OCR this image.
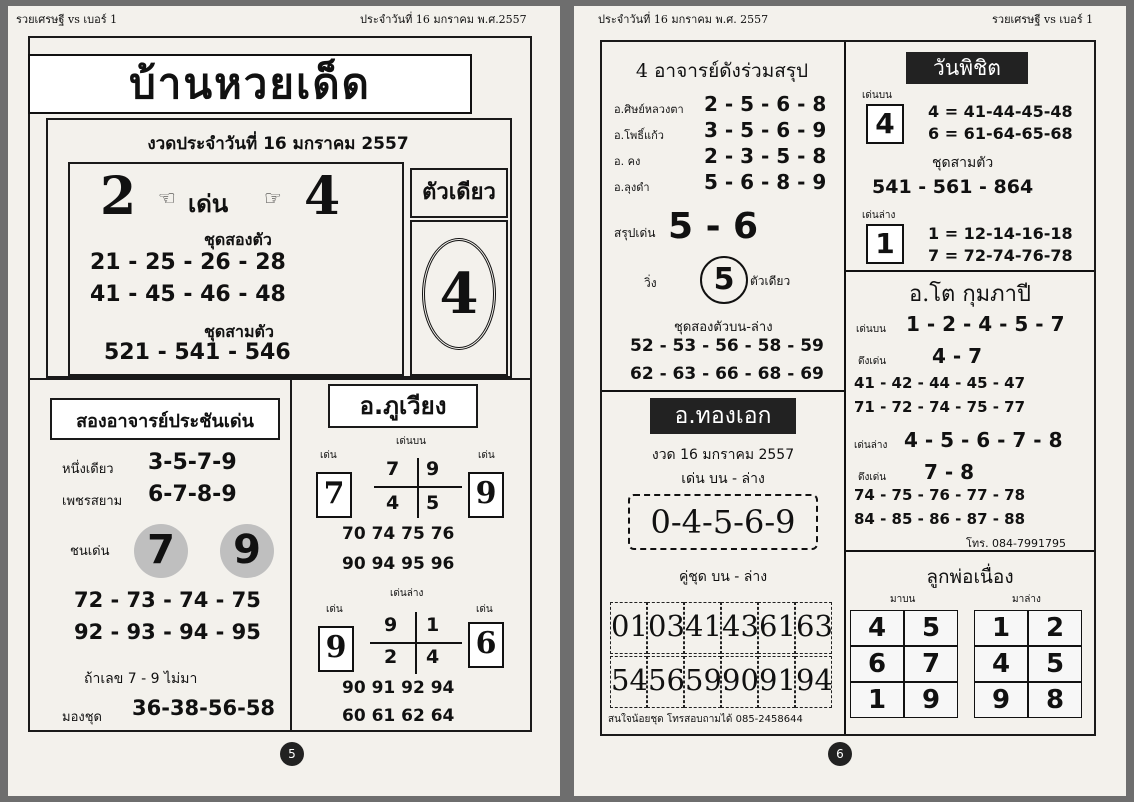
รวยเศรษฐี vs เบอร์ 1	ประจำวันที่ 16 มกราคม พ.ศ.2557
บ้านหวยเด็ด
งวดประจำวันที่ 16 มกราคม 2557
2 ☜ เด่น ☞ 4
ชุดสองตัว
21 - 25 - 26 - 28
41 - 45 - 46 - 48
ชุดสามตัว
521 - 541 - 546
ตัวเดียว
4
สองอาจารย์ประชันเด่น
หนึ่งเดียว 3-5-7-9
เพชรสยาม 6-7-8-9
ชนเด่น 7	9
72 - 73 - 74 - 75
92 - 93 - 94 - 95
ถ้าเลข 7 - 9 ไม่มา
มองชุด 36-38-56-58
อ.ภูเวียง
เด่นบน
เด่น	เด่น
7	9
7 9
4 5
70 74 75 76
90 94 95 96
เด่นล่าง
เด่น	เด่น
9	6
9 1
2 4
90 91 92 94
60 61 62 64
5
ประจำวันที่ 16 มกราคม พ.ศ. 2557	รวยเศรษฐี vs เบอร์ 1
4 อาจารย์ดังร่วมสรุป
อ.ศิษย์หลวงตา 2 - 5 - 6 - 8
อ.โพธิ์แก้ว 3 - 5 - 6 - 9
อ. คง	2 - 3 - 5 - 8
อ.ลุงดำ	5 - 6 - 8 - 9
สรุปเด่น 5 - 6
วิ่ง	5	ตัวเดียว
ชุดสองตัวบน-ล่าง
52 - 53 - 56 - 58 - 59
62 - 63 - 66 - 68 - 69
วันพิชิต
เด่นบน
4	4 = 41-44-45-48
6 = 61-64-65-68
ชุดสามตัว
541 - 561 - 864
เด่นล่าง
1	1 = 12-14-16-18
7 = 72-74-76-78
อ.ทองเอก
งวด 16 มกราคม 2557
เด่น บน - ล่าง
0-4-5-6-9
คู่ชุด บน - ล่าง
สนใจน้อยชุด โทรสอบถามได้ 085-2458644
อ.โต กุมภาปี
เด่นบน 1 - 2 - 4 - 5 - 7
ดึงเด่น 4 - 7
41 - 42 - 44 - 45 - 47
71 - 72 - 74 - 75 - 77
เด่นล่าง 4 - 5 - 6 - 7 - 8
ดึงเด่น 7 - 8
74 - 75 - 76 - 77 - 78
84 - 85 - 86 - 87 - 88
โทร. 084-7991795
ลูกพ่อเนื่อง
มาบน	มาล่าง
6
01 03 41 43 61 63
54 56 59 90 91 94
4	5
6	7
1	9
1	2
4	5
9	8
